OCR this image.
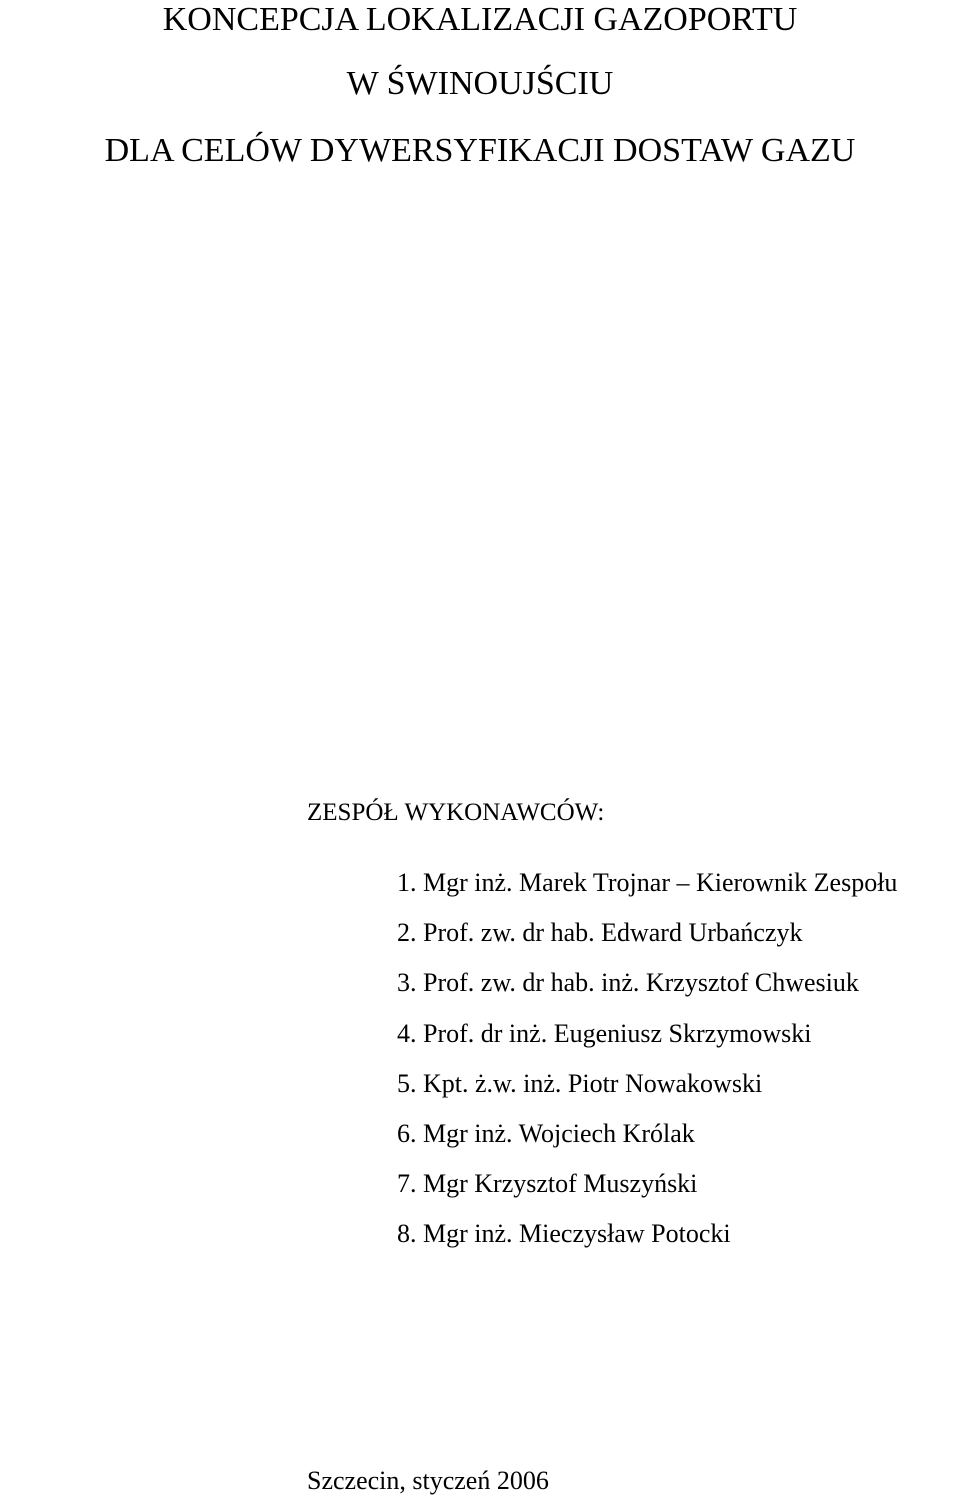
KONCEPCJA LOKALIZACJI GAZOPORTU
W ŚWINOUJŚCIU
DLA CELÓW DYWERSYFIKACJI DOSTAW GAZU
ZESPÓŁ WYKONAWCÓW:
1. Mgr inż. Marek Trojnar – Kierownik Zespołu
2. Prof. zw. dr hab. Edward Urbańczyk
3. Prof. zw. dr hab. inż. Krzysztof Chwesiuk
4. Prof. dr inż. Eugeniusz Skrzymowski
5. Kpt. ż.w. inż. Piotr Nowakowski
6. Mgr inż. Wojciech Królak
7. Mgr Krzysztof Muszyński
8. Mgr inż. Mieczysław Potocki
Szczecin, styczeń 2006
